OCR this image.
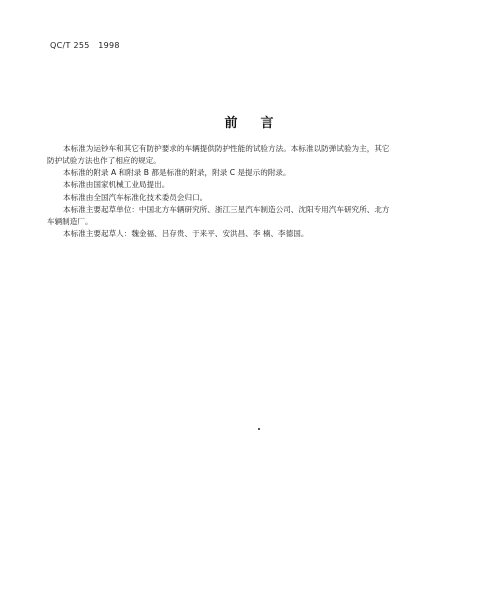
QC/T 255   1998
前    言
本标准为运钞车和其它有防护要求的车辆提供防护性能的试验方法。本标准以防弹试验为主，其它
防护试验方法也作了相应的规定。
本标准的附录 A 和附录 B 都是标准的附录，附录 C 是提示的附录。
本标准由国家机械工业局提出。
本标准由全国汽车标准化技术委员会归口。
本标准主要起草单位：中国北方车辆研究所、浙江三星汽车制造公司、沈阳专用汽车研究所、北方
车辆制造厂。
本标准主要起草人：魏金福、吕存贵、于来平、安洪昌、李 楠、李德国。
